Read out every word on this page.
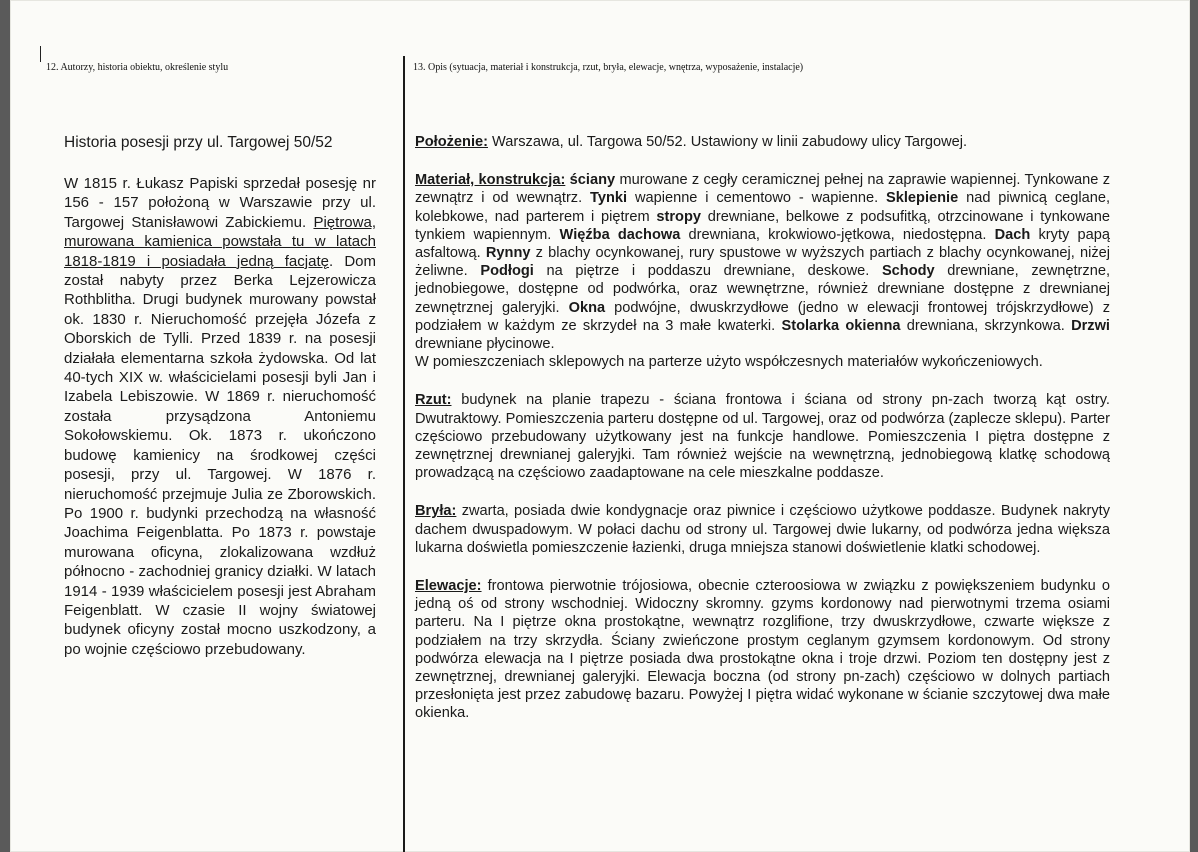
12. Autorzy, historia obiektu, określenie stylu	13. Opis (sytuacja, materiał i konstrukcja, rzut, bryła, elewacje, wnętrza, wyposażenie, instalacje)

Historia posesji przy ul. Targowej 50/52

W 1815 r. Łukasz Papiski sprzedał posesję nr 156 - 157 położoną w Warszawie przy ul. Targowej Stanisławowi Zabickiemu. Piętrowa, murowana kamienica powstała tu w latach 1818-1819 i posiadała jedną facjatę. Dom został nabyty przez Berka Lejzerowicza Rothblitha. Drugi budynek murowany powstał ok. 1830 r. Nieruchomość przejęła Józefa z Oborskich de Tylli. Przed 1839 r. na posesji działała elementarna szkoła żydowska. Od lat 40-tych XIX w. właścicielami posesji byli Jan i Izabela Lebiszowie. W 1869 r. nieruchomość została przysądzona Antoniemu Sokołowskiemu. Ok. 1873 r. ukończono budowę kamienicy na środkowej części posesji, przy ul. Targowej. W 1876 r. nieruchomość przejmuje Julia ze Zborowskich. Po 1900 r. budynki przechodzą na własność Joachima Feigenblatta. Po 1873 r. powstaje murowana oficyna, zlokalizowana wzdłuż północno - zachodniej granicy działki. W latach 1914 - 1939 właścicielem posesji jest Abraham Feigenblatt. W czasie II wojny światowej budynek oficyny został mocno uszkodzony, a po wojnie częściowo przebudowany.

Położenie: Warszawa, ul. Targowa 50/52. Ustawiony w linii zabudowy ulicy Targowej.

Materiał, konstrukcja: ściany murowane z cegły ceramicznej pełnej na zaprawie wapiennej. Tynkowane z zewnątrz i od wewnątrz. Tynki wapienne i cementowo - wapienne. Sklepienie nad piwnicą ceglane, kolebkowe, nad parterem i piętrem stropy drewniane, belkowe z podsufitką, otrzcinowane i tynkowane tynkiem wapiennym. Więźba dachowa drewniana, krokwiowo-jętkowa, niedostępna. Dach kryty papą asfaltową. Rynny z blachy ocynkowanej, rury spustowe w wyższych partiach z blachy ocynkowanej, niżej żeliwne. Podłogi na piętrze i poddaszu drewniane, deskowe. Schody drewniane, zewnętrzne, jednobiegowe, dostępne od podwórka, oraz wewnętrzne, również drewniane dostępne z drewnianej zewnętrznej galeryjki. Okna podwójne, dwuskrzydłowe (jedno w elewacji frontowej trójskrzydłowe) z podziałem w każdym ze skrzydeł na 3 małe kwaterki. Stolarka okienna drewniana, skrzynkowa. Drzwi drewniane płycinowe.
W pomieszczeniach sklepowych na parterze użyto współczesnych materiałów wykończeniowych.

Rzut: budynek na planie trapezu - ściana frontowa i ściana od strony pn-zach tworzą kąt ostry. Dwutraktowy. Pomieszczenia parteru dostępne od ul. Targowej, oraz od podwórza (zaplecze sklepu). Parter częściowo przebudowany użytkowany jest na funkcje handlowe. Pomieszczenia I piętra dostępne z zewnętrznej drewnianej galeryjki. Tam również wejście na wewnętrzną, jednobiegową klatkę schodową prowadzącą na częściowo zaadaptowane na cele mieszkalne poddasze.

Bryła: zwarta, posiada dwie kondygnacje oraz piwnice i częściowo użytkowe poddasze. Budynek nakryty dachem dwuspadowym. W połaci dachu od strony ul. Targowej dwie lukarny, od podwórza jedna większa lukarna doświetla pomieszczenie łazienki, druga mniejsza stanowi doświetlenie klatki schodowej.

Elewacje: frontowa pierwotnie trójosiowa, obecnie czteroosiowa w związku z powiększeniem budynku o jedną oś od strony wschodniej. Widoczny skromny. gzyms kordonowy nad pierwotnymi trzema osiami parteru. Na I piętrze okna prostokątne, wewnątrz rozglifione, trzy dwuskrzydłowe, czwarte większe z podziałem na trzy skrzydła. Ściany zwieńczone prostym ceglanym gzymsem kordonowym. Od strony podwórza elewacja na I piętrze posiada dwa prostokątne okna i troje drzwi. Poziom ten dostępny jest z zewnętrznej, drewnianej galeryjki. Elewacja boczna (od strony pn-zach) częściowo w dolnych partiach przesłonięta jest przez zabudowę bazaru. Powyżej I piętra widać wykonane w ścianie szczytowej dwa małe okienka.
